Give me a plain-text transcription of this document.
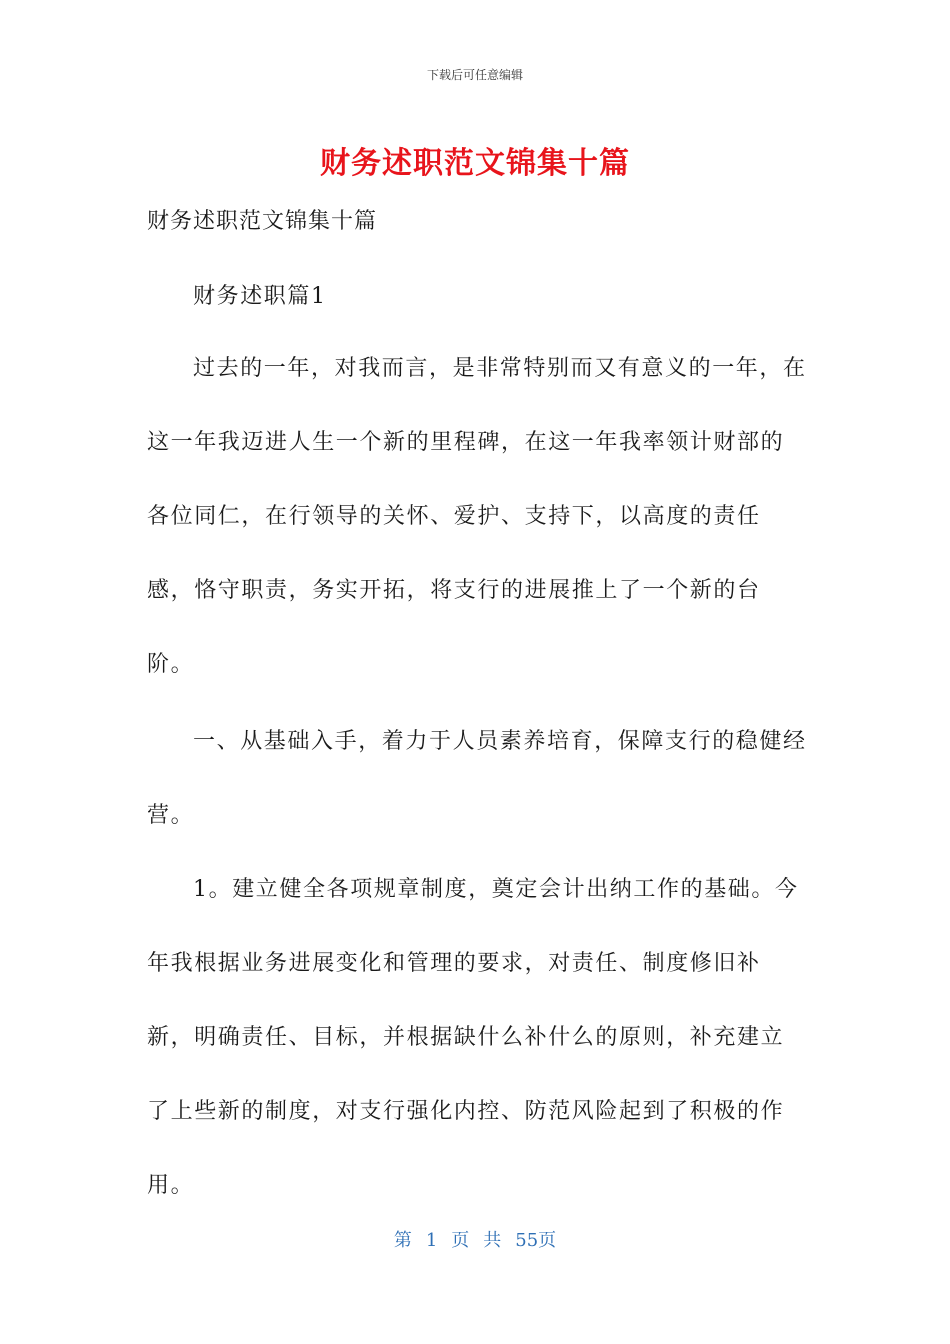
下载后可任意编辑
财务述职范文锦集十篇
财务述职范文锦集十篇

财务述职篇1

过去的一年，对我而言，是非常特别而又有意义的一年，在这一年我迈进人生一个新的里程碑，在这一年我率领计财部的各位同仁，在行领导的关怀、爱护、支持下，以高度的责任感，恪守职责，务实开拓，将支行的进展推上了一个新的台阶。

一、从基础入手，着力于人员素养培育，保障支行的稳健经营。

1。建立健全各项规章制度，奠定会计出纳工作的基础。今年我根据业务进展变化和管理的要求，对责任、制度修旧补新，明确责任、目标，并根据缺什么补什么的原则，补充建立了上些新的制度，对支行强化内控、防范风险起到了积极的作用。

第 1 页 共 55页
